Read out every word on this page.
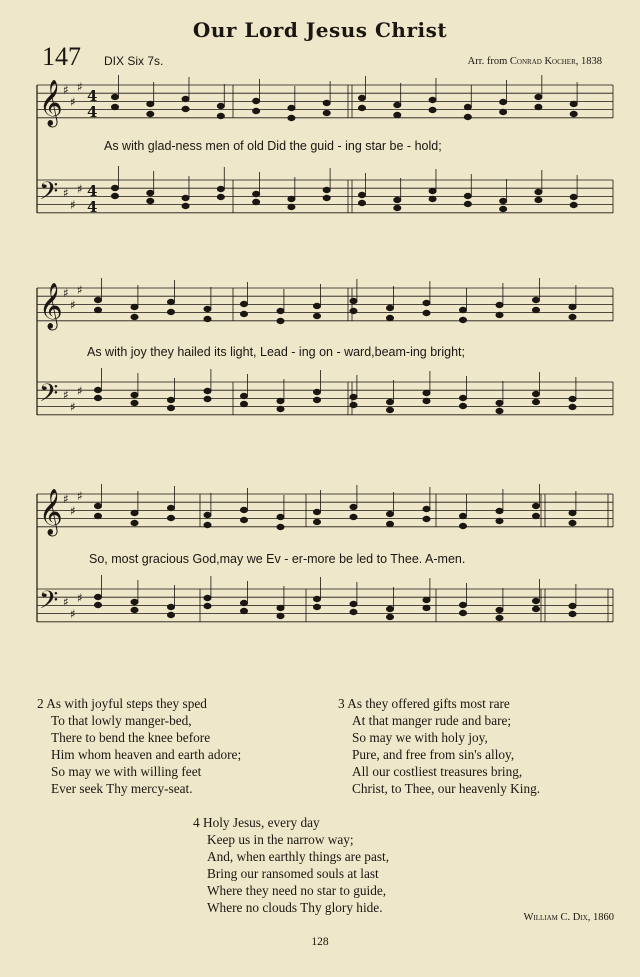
Our Lord Jesus Christ
147 DIX Six 7s.	Arr. from Conrad Kocher, 1838
𝄞 ♯
♯
♯ 4
4
𝄢 ♯
♯
♯ 4
4
𝄞 ♯
♯
♯
𝄢 ♯
♯
♯
𝄞 ♯
♯
♯
𝄢 ♯
♯
♯
As with glad-ness men of old Did the guid - ing star be - hold;
As with joy they hailed its light, Lead - ing on - ward,beam-ing bright;
So, most gracious God,may we Ev - er-more be led to Thee. A-men.
2 As with joyful steps they sped
To that lowly manger-bed,
There to bend the knee before
Him whom heaven and earth adore;
So may we with willing feet
Ever seek Thy mercy-seat.
3 As they offered gifts most rare
At that manger rude and bare;
So may we with holy joy,
Pure, and free from sin's alloy,
All our costliest treasures bring,
Christ, to Thee, our heavenly King.
4 Holy Jesus, every day
Keep us in the narrow way;
And, when earthly things are past,
Bring our ransomed souls at last
Where they need no star to guide,
Where no clouds Thy glory hide.
William C. Dix, 1860
128
